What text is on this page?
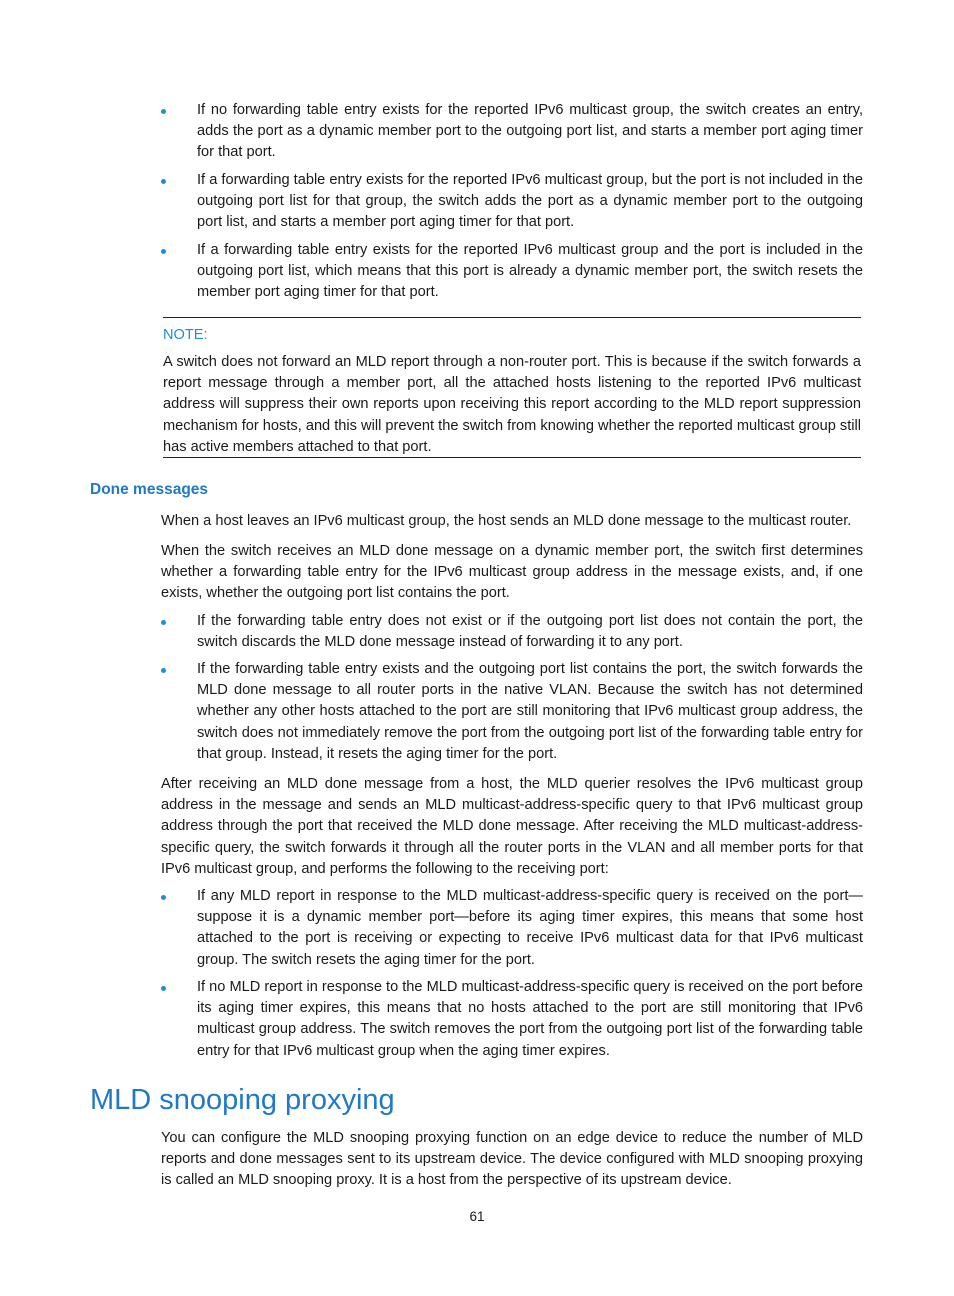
If no forwarding table entry exists for the reported IPv6 multicast group, the switch creates an entry, adds the port as a dynamic member port to the outgoing port list, and starts a member port aging timer for that port.
If a forwarding table entry exists for the reported IPv6 multicast group, but the port is not included in the outgoing port list for that group, the switch adds the port as a dynamic member port to the outgoing port list, and starts a member port aging timer for that port.
If a forwarding table entry exists for the reported IPv6 multicast group and the port is included in the outgoing port list, which means that this port is already a dynamic member port, the switch resets the member port aging timer for that port.
NOTE:
A switch does not forward an MLD report through a non-router port. This is because if the switch forwards a report message through a member port, all the attached hosts listening to the reported IPv6 multicast address will suppress their own reports upon receiving this report according to the MLD report suppression mechanism for hosts, and this will prevent the switch from knowing whether the reported multicast group still has active members attached to that port.
Done messages

When a host leaves an IPv6 multicast group, the host sends an MLD done message to the multicast router.

When the switch receives an MLD done message on a dynamic member port, the switch first determines whether a forwarding table entry for the IPv6 multicast group address in the message exists, and, if one exists, whether the outgoing port list contains the port.

If the forwarding table entry does not exist or if the outgoing port list does not contain the port, the switch discards the MLD done message instead of forwarding it to any port.
If the forwarding table entry exists and the outgoing port list contains the port, the switch forwards the MLD done message to all router ports in the native VLAN. Because the switch has not determined whether any other hosts attached to the port are still monitoring that IPv6 multicast group address, the switch does not immediately remove the port from the outgoing port list of the forwarding table entry for that group. Instead, it resets the aging timer for the port.

After receiving an MLD done message from a host, the MLD querier resolves the IPv6 multicast group address in the message and sends an MLD multicast-address-specific query to that IPv6 multicast group address through the port that received the MLD done message. After receiving the MLD multicast-address-specific query, the switch forwards it through all the router ports in the VLAN and all member ports for that IPv6 multicast group, and performs the following to the receiving port:

If any MLD report in response to the MLD multicast-address-specific query is received on the port—suppose it is a dynamic member port—before its aging timer expires, this means that some host attached to the port is receiving or expecting to receive IPv6 multicast data for that IPv6 multicast group. The switch resets the aging timer for the port.
If no MLD report in response to the MLD multicast-address-specific query is received on the port before its aging timer expires, this means that no hosts attached to the port are still monitoring that IPv6 multicast group address. The switch removes the port from the outgoing port list of the forwarding table entry for that IPv6 multicast group when the aging timer expires.
MLD snooping proxying

You can configure the MLD snooping proxying function on an edge device to reduce the number of MLD reports and done messages sent to its upstream device. The device configured with MLD snooping proxying is called an MLD snooping proxy. It is a host from the perspective of its upstream device.

61
